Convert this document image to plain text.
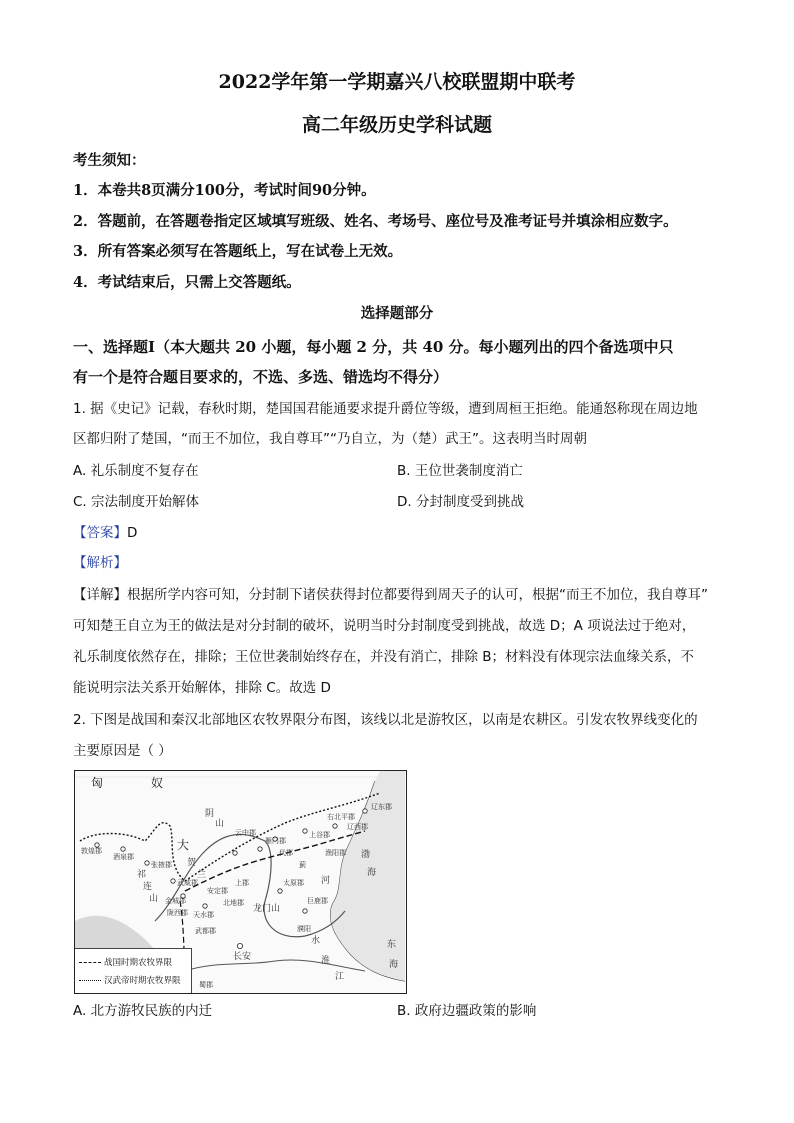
2022学年第一学期嘉兴八校联盟期中联考
高二年级历史学科试题
考生须知：
1．本卷共8页满分100分，考试时间90分钟。
2．答题前，在答题卷指定区域填写班级、姓名、考场号、座位号及准考证号并填涂相应数字。
3．所有答案必须写在答题纸上，写在试卷上无效。
4．考试结束后，只需上交答题纸。
选择题部分
一、选择题Ⅰ（本大题共 20 小题，每小题 2 分，共 40 分。每小题列出的四个备选项中只
有一个是符合题目要求的，不选、多选、错选均不得分）
1. 据《史记》记载，春秋时期，楚国国君能通要求提升爵位等级，遭到周桓王拒绝。能通怒称现在周边地
区都归附了楚国，“而王不加位，我自尊耳”“乃自立，为（楚）武王”。这表明当时周朝
A. 礼乐制度不复存在	B. 王位世袭制度消亡
C. 宗法制度开始解体	D. 分封制度受到挑战
【答案】D
【解析】
【详解】根据所学内容可知，分封制下诸侯获得封位都要得到周天子的认可，根据“而王不加位，我自尊耳”
可知楚王自立为王的做法是对分封制的破坏，说明当时分封制度受到挑战，故选 D；A 项说法过于绝对，
礼乐制度依然存在，排除；王位世袭制始终存在，并没有消亡，排除 B；材料没有体现宗法血缘关系，不
能说明宗法关系开始解体，排除 C。故选 D
2. 下图是战国和秦汉北部地区农牧界限分布图，该线以北是游牧区，以南是农耕区。引发农牧界线变化的
主要原因是（ ）
匈	奴
大
贺
兰
阴
山
祁
连
山
长安
龙门山
渤
海
河
水
淮
江
东
海
敦煌郡
酒泉郡
张掖郡
武威郡
金城郡
陇西郡 天水郡
安定郡
北地郡
上郡
云中郡
雁门郡
代郡
上谷郡
渔阳郡
右北平郡
辽东郡
辽西郡
太原郡
巨鹿郡
蓟
濮阳
武都郡
蜀郡
战国时期农牧界限
汉武帝时期农牧界限
A. 北方游牧民族的内迁	B. 政府边疆政策的影响
